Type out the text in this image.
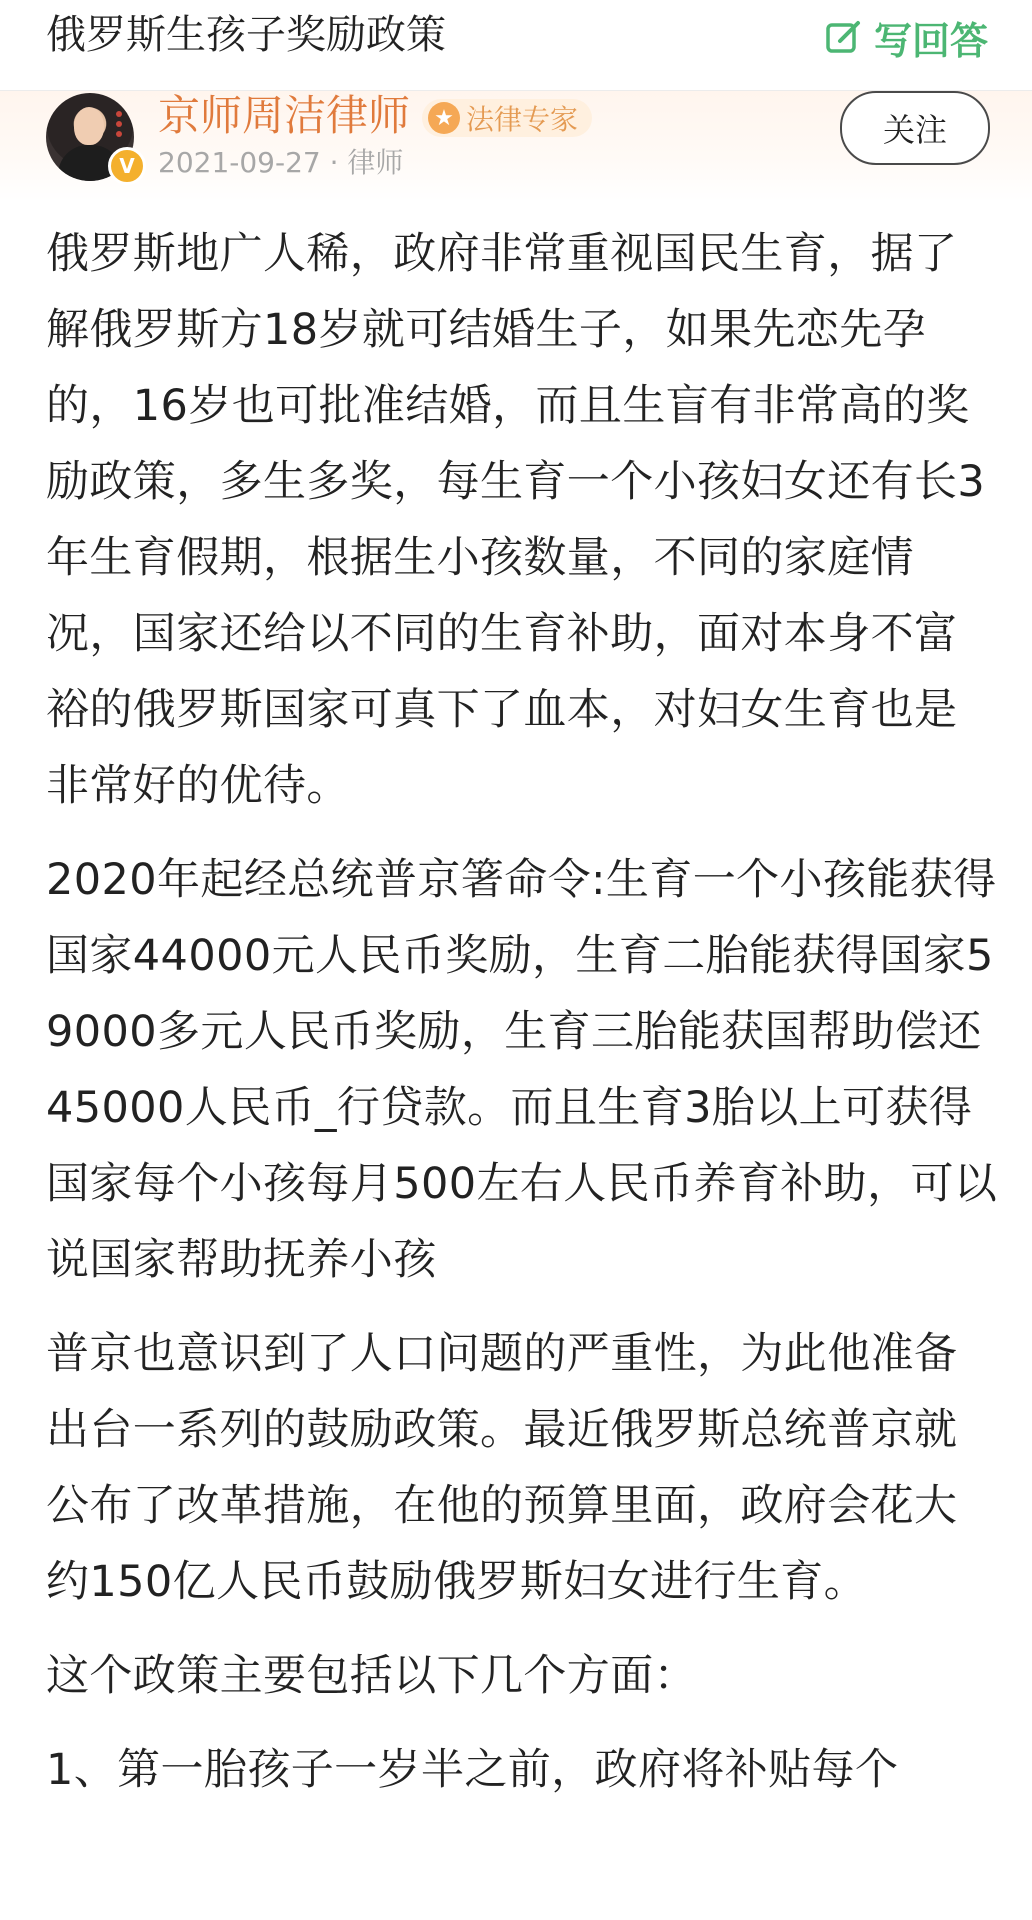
俄罗斯生孩子奖励政策	写回答
V
京师周洁律师 ★ 法律专家
2021-09-27 · 律师
关注

俄罗斯地广人稀，政府非常重视国民生育，据了解俄罗斯方18岁就可结婚生子，如果先恋先孕的，16岁也可批准结婚，而且生盲有非常高的奖励政策，多生多奖，每生育一个小孩妇女还有长3年生育假期，根据生小孩数量，不同的家庭情况，国家还给以不同的生育补助，面对本身不富裕的俄罗斯国家可真下了血本，对妇女生育也是非常好的优待。

2020年起经总统普京箸命令:生育一个小孩能获得国家44000元人民币奖励，生育二胎能获得国家59000多元人民币奖励，生育三胎能获国帮助偿还45000人民币_行贷款。而且生育3胎以上可获得国家每个小孩每月500左右人民币养育补助，可以说国家帮助抚养小孩

普京也意识到了人口问题的严重性，为此他准备出台一系列的鼓励政策。最近俄罗斯总统普京就公布了改革措施，在他的预算里面，政府会花大约150亿人民币鼓励俄罗斯妇女进行生育。

这个政策主要包括以下几个方面：

1、第一胎孩子一岁半之前，政府将补贴每个
